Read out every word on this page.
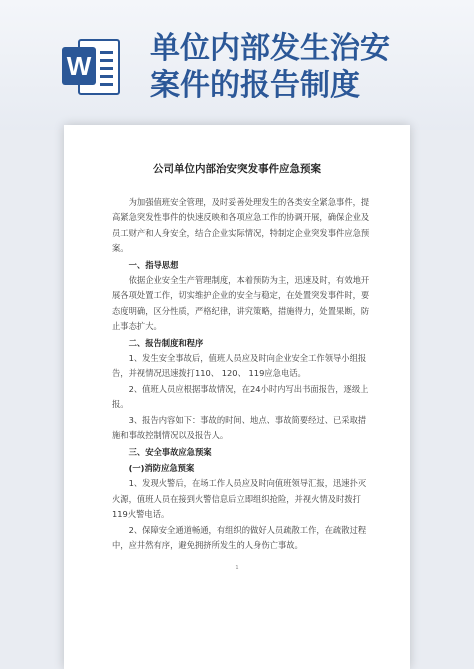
W 单位内部发生治安
案件的报告制度
公司单位内部治安突发事件应急预案

为加强值班安全管理，及时妥善处理发生的各类安全紧急事件，提高紧急突发性事件的快速反映和各项应急工作的协调开展，确保企业及员工财产和人身安全，结合企业实际情况，特制定企业突发事件应急预案。

一、指导思想

依据企业安全生产管理制度，本着预防为主，迅速及时，有效地开展各项处置工作，切实维护企业的安全与稳定，在处置突发事件时，要态度明确，区分性质，严格纪律，讲究策略，措施得力，处置果断，防止事态扩大。

二、报告制度和程序

1、发生安全事故后，值班人员应及时向企业安全工作领导小组报告，并视情况迅速拨打110、 120、 119应急电话。

2、值班人员应根据事故情况，在24小时内写出书面报告，逐级上报。

3、报告内容如下：事故的时间、地点、事故简要经过、已采取措施和事故控制情况以及报告人。

三、安全事故应急预案

(一)消防应急预案

1、发现火警后，在场工作人员应及时向值班领导汇报，迅速扑灭火源，值班人员在接到火警信息后立即组织抢险，并视火情及时拨打119火警电话。

2、保障安全通道畅通，有组织的做好人员疏散工作，在疏散过程中，应井然有序，避免拥挤所发生的人身伤亡事故。

1
